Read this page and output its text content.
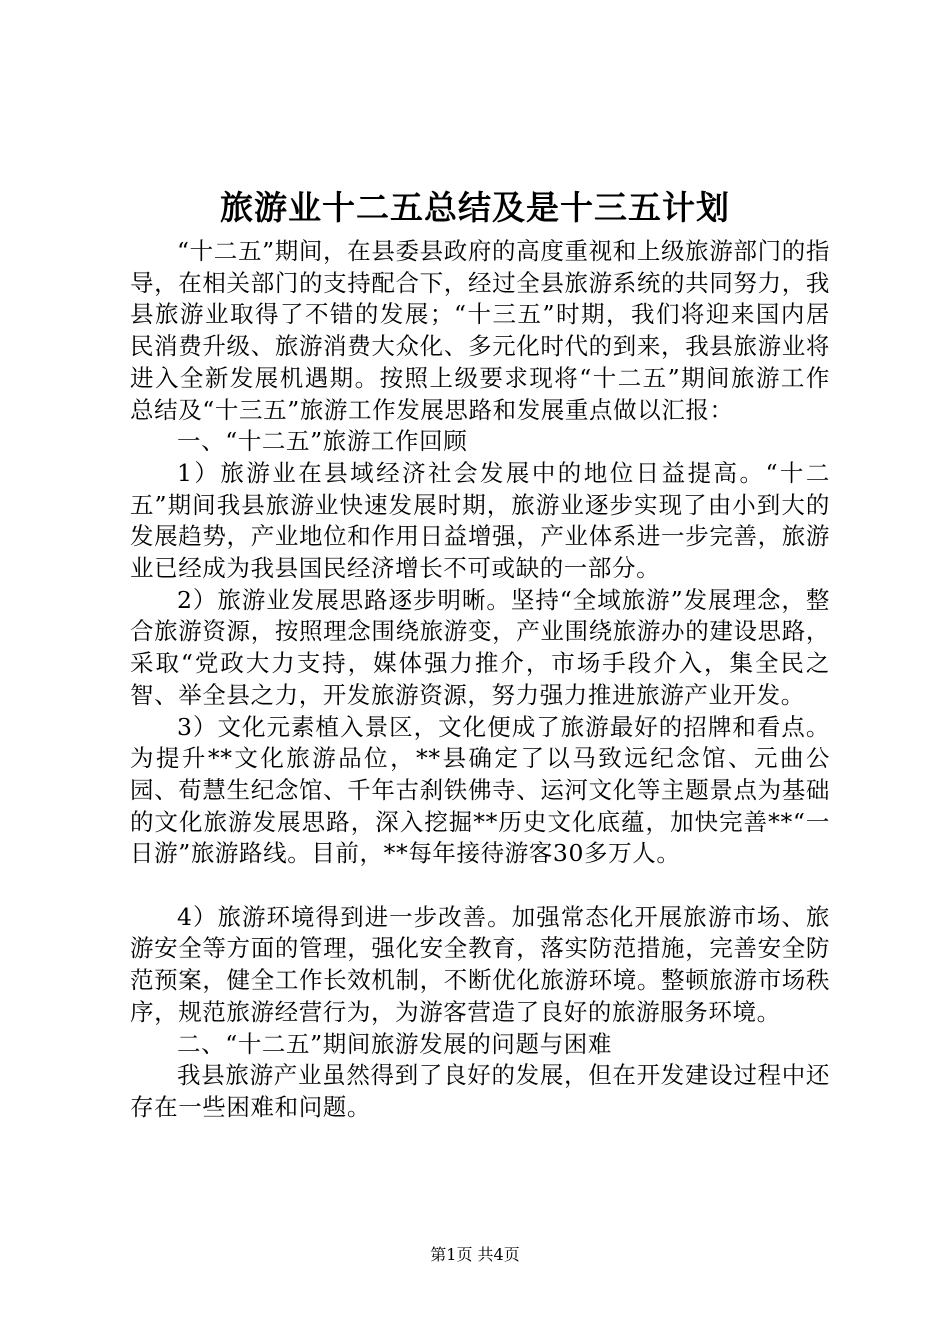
旅游业十二五总结及是十三五计划

“十二五”期间，在县委县政府的高度重视和上级旅游部门的指导，在相关部门的支持配合下，经过全县旅游系统的共同努力，我县旅游业取得了不错的发展；“十三五”时期，我们将迎来国内居民消费升级、旅游消费大众化、多元化时代的到来，我县旅游业将进入全新发展机遇期。按照上级要求现将“十二五”期间旅游工作总结及“十三五”旅游工作发展思路和发展重点做以汇报：

一、“十二五”旅游工作回顾

1）旅游业在县域经济社会发展中的地位日益提高。“十二五”期间我县旅游业快速发展时期，旅游业逐步实现了由小到大的发展趋势，产业地位和作用日益增强，产业体系进一步完善，旅游业已经成为我县国民经济增长不可或缺的一部分。

2）旅游业发展思路逐步明晰。坚持“全域旅游”发展理念，整合旅游资源，按照理念围绕旅游变，产业围绕旅游办的建设思路，采取“党政大力支持，媒体强力推介，市场手段介入，集全民之智、举全县之力，开发旅游资源，努力强力推进旅游产业开发。

3）文化元素植入景区，文化便成了旅游最好的招牌和看点。为提升**文化旅游品位，**县确定了以马致远纪念馆、元曲公园、荀慧生纪念馆、千年古刹铁佛寺、运河文化等主题景点为基础的文化旅游发展思路，深入挖掘**历史文化底蕴，加快完善**“一日游”旅游路线。目前，**每年接待游客30多万人。

4）旅游环境得到进一步改善。加强常态化开展旅游市场、旅游安全等方面的管理，强化安全教育，落实防范措施，完善安全防范预案，健全工作长效机制，不断优化旅游环境。整顿旅游市场秩序，规范旅游经营行为，为游客营造了良好的旅游服务环境。

二、“十二五”期间旅游发展的问题与困难

我县旅游产业虽然得到了良好的发展，但在开发建设过程中还存在一些困难和问题。

第1页 共4页
